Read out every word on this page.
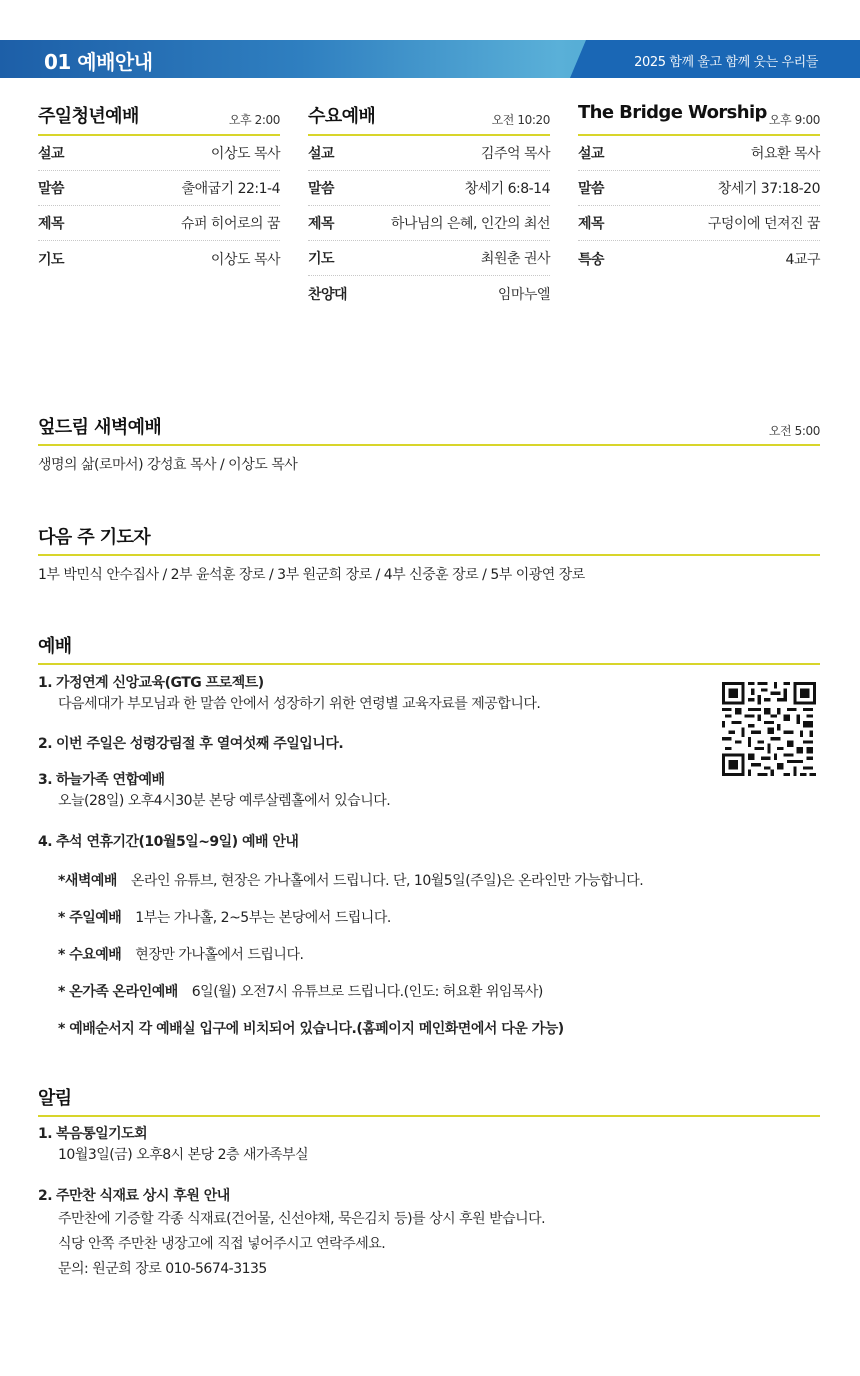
01 예배안내	2025 함께 울고 함께 웃는 우리들
주일청년예배	오후 2:00
설교	이상도 목사
말씀	출애굽기 22:1-4
제목	슈퍼 히어로의 꿈
기도	이상도 목사
수요예배	오전 10:20
설교	김주억 목사
말씀	창세기 6:8-14
제목	하나님의 은혜, 인간의 최선
기도	최원춘 권사
찬양대	임마누엘
The Bridge Worship 오후 9:00
설교	허요환 목사
말씀	창세기 37:18-20
제목	구덩이에 던져진 꿈
특송	4교구
엎드림 새벽예배	오전 5:00
생명의 삶(로마서) 강성효 목사 / 이상도 목사
다음 주 기도자
1부 박민식 안수집사 / 2부 윤석훈 장로 / 3부 원군희 장로 / 4부 신중훈 장로 / 5부 이광연 장로
예배
1. 가정연계 신앙교육(GTG 프로젝트)
다음세대가 부모님과 한 말씀 안에서 성장하기 위한 연령별 교육자료를 제공합니다.
2. 이번 주일은 성령강림절 후 열여섯째 주일입니다.
3. 하늘가족 연합예배
오늘(28일) 오후4시30분 본당 예루살렘홀에서 있습니다.
4. 추석 연휴기간(10월5일~9일) 예배 안내
*새벽예배 온라인 유튜브, 현장은 가나홀에서 드립니다. 단, 10월5일(주일)은 온라인만 가능합니다.
* 주일예배 1부는 가나홀, 2~5부는 본당에서 드립니다.
* 수요예배 현장만 가나홀에서 드립니다.
* 온가족 온라인예배 6일(월) 오전7시 유튜브로 드립니다.(인도: 허요환 위임목사)
* 예배순서지 각 예배실 입구에 비치되어 있습니다.(홈페이지 메인화면에서 다운 가능)
알림
1. 복음통일기도회
10월3일(금) 오후8시 본당 2층 새가족부실
2. 주만찬 식재료 상시 후원 안내
주만찬에 기증할 각종 식재료(건어물, 신선야채, 묵은김치 등)를 상시 후원 받습니다.
식당 안쪽 주만찬 냉장고에 직접 넣어주시고 연락주세요.
문의: 원군희 장로 010-5674-3135
